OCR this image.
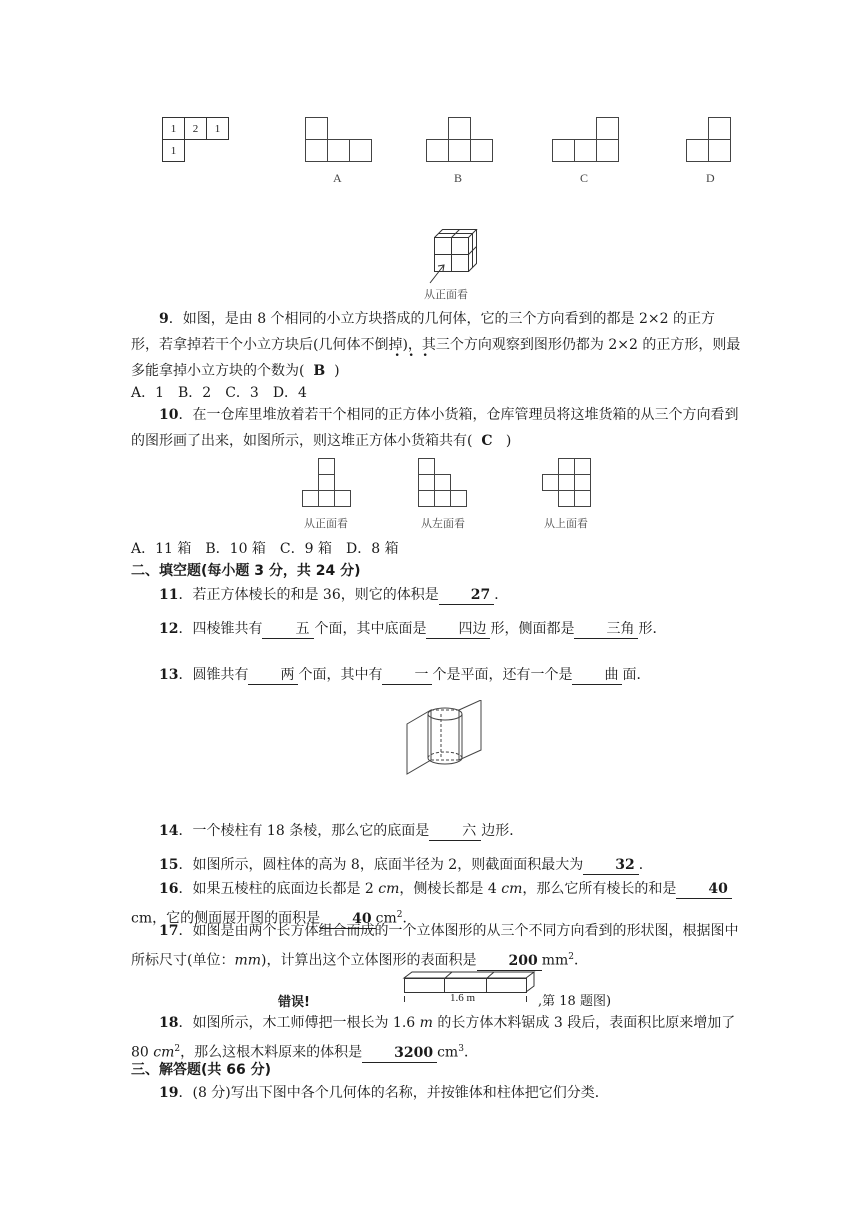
1 2 1
1
A	B	C	D
从正面看
9．如图，是由 8 个相同的小立方块搭成的几何体，它的三个方向看到的都是 2×2 的正方形，若拿掉若干个小立方块后(几何体不 .倒 .掉 .)，其三个方向观察到图形仍都为 2×2 的正方形，则最多能拿掉小立方块的个数为( B )
A．1　B．2　C．3　D．4
10．在一仓库里堆放着若干个相同的正方体小货箱，仓库管理员将这堆货箱的从三个方向看到的图形画了出来，如图所示，则这堆正方体小货箱共有( C )
从正面看	从左面看	从上面看
A．11 箱　B．10 箱　C．9 箱　D．8 箱
二、填空题(每小题 3 分，共 24 分)
11．若正方体棱长的和是 36，则它的体积是 27 ．
12．四棱锥共有 五 个面，其中底面是 四边 形，侧面都是 三角 形．
13．圆锥共有 两 个面，其中有 一 个是平面，还有一个是 曲 面．
14．一个棱柱有 18 条棱，那么它的底面是 六 边形．
15．如图所示，圆柱体的高为 8，底面半径为 2，则截面面积最大为 32 ．
16．如果五棱柱的底面边长都是 2 cm，侧棱长都是 4 cm，那么它所有棱长的和是 40cm，它的侧面展开图的面积是 40 $cm^2$．
17．如图是由两个长方体组合而成的一个立体图形的从三个不同方向看到的形状图，根据图中所标尺寸(单位：mm)，计算出这个立体图形的表面积是 200 $mm^2$．
错误!	1.6 m	,第 18 题图)
18．如图所示，木工师傅把一根长为 1.6 m 的长方体木料锯成 3 段后，表面积比原来增加了 80 $cm^2$，那么这根木料原来的体积是 3200 $cm^3$．
三、解答题(共 66 分)
19．(8 分)写出下图中各个几何体的名称，并按锥体和柱体把它们分类．
